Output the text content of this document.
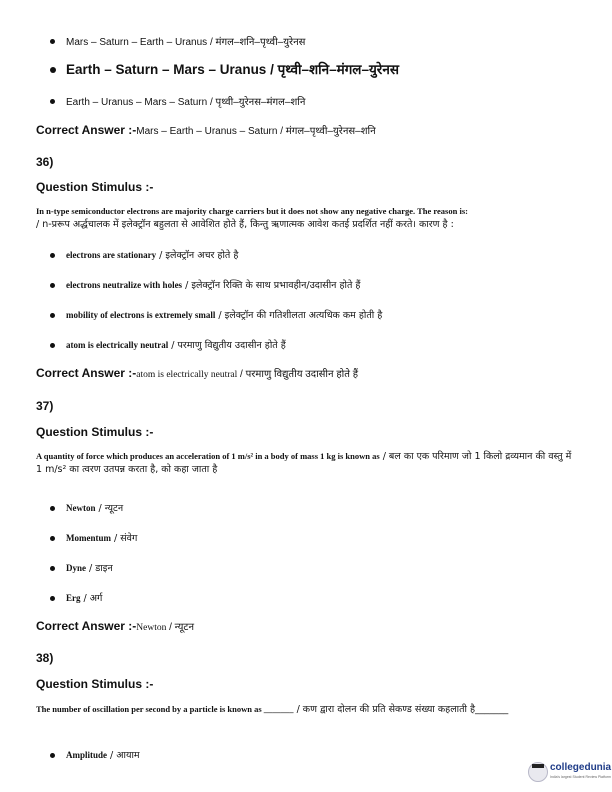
Mars – Saturn – Earth – Uranus / मंगल–शनि–पृथ्वी–युरेनस
Earth – Saturn – Mars – Uranus / पृथ्वी–शनि–मंगल–युरेनस
Earth – Uranus – Mars – Saturn / पृथ्वी–युरेनस–मंगल–शनि
Correct Answer :-Mars – Earth – Uranus – Saturn / मंगल–पृथ्वी–युरेनस–शनि
36)
Question Stimulus :-
In n-type semiconductor electrons are majority charge carriers but it does not show any negative charge. The reason is:
/ n-प्ररूप अर्द्धचालक में इलेक्ट्रॉन बहुलता से आवेशित होते हैं, किन्तु ऋणात्मक आवेश कतई प्रदर्शित नहीं करते। कारण है :
electrons are stationary / इलेक्ट्रॉन अचर होते है
electrons neutralize with holes / इलेक्ट्रॉन रिक्ति के साथ प्रभावहीन/उदासीन होते हैं
mobility of electrons is extremely small / इलेक्ट्रॉन की गतिशीलता अत्यधिक कम होती है
atom is electrically neutral / परमाणु विद्युतीय उदासीन होते हैं
Correct Answer :-atom is electrically neutral / परमाणु विद्युतीय उदासीन होते हैं
37)
Question Stimulus :-
A quantity of force which produces an acceleration of 1 m/s² in a body of mass 1 kg is known as / बल का एक परिमाण जो 1 किलो द्रव्यमान की वस्तु में 1 m/s² का त्वरण उतपन्न करता है, को कहा जाता है
Newton / न्यूटन
Momentum / संवेग
Dyne / डाइन
Erg / अर्ग
Correct Answer :-Newton / न्यूटन
38)
Question Stimulus :-
The number of oscillation per second by a particle is known as _______ / कण द्वारा दोलन की प्रति सेकण्ड संख्या कहलाती है_______
Amplitude / आयाम
collegedunia
India's largest Student Review Platform
